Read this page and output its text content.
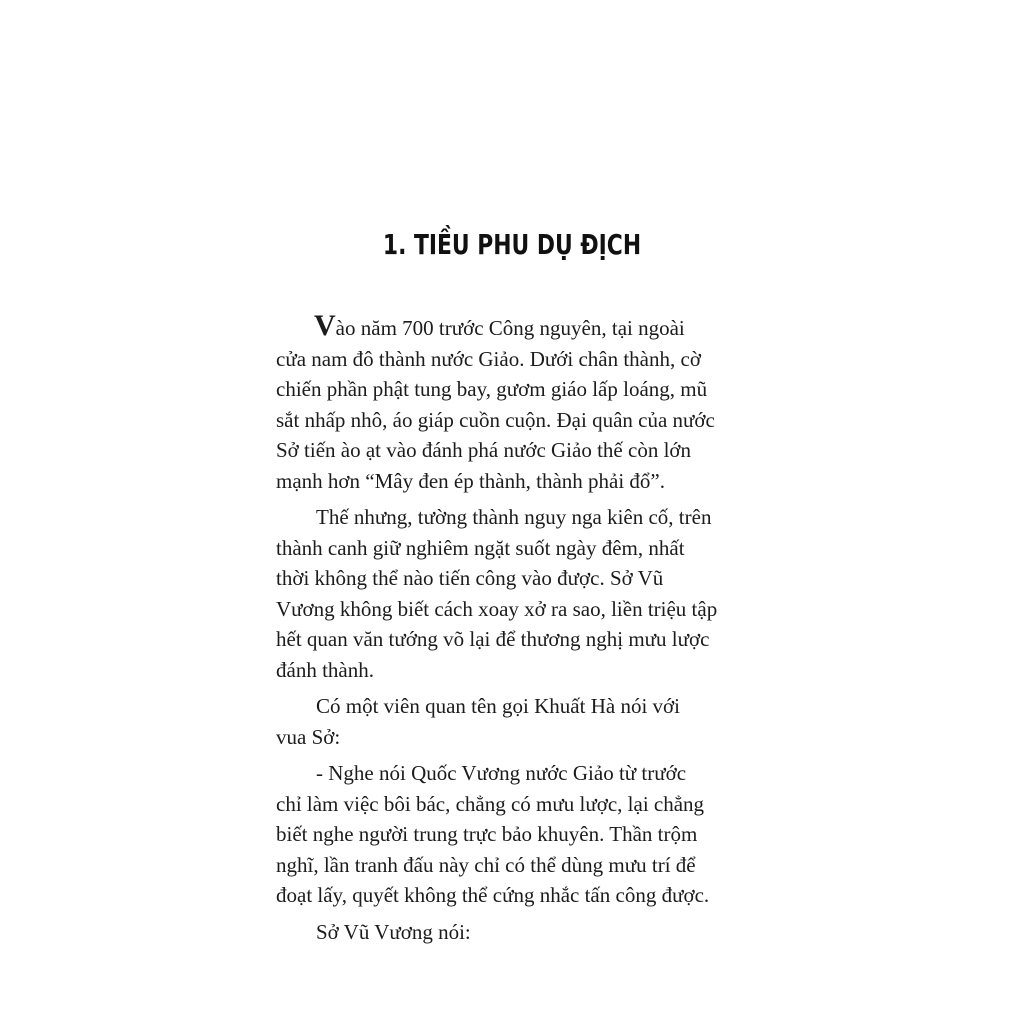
1. TIỀU PHU DỤ ĐỊCH
Vào năm 700 trước Công nguyên, tại ngoài
cửa nam đô thành nước Giảo. Dưới chân thành, cờ
chiến phần phật tung bay, gươm giáo lấp loáng, mũ
sắt nhấp nhô, áo giáp cuồn cuộn. Đại quân của nước
Sở tiến ào ạt vào đánh phá nước Giảo thế còn lớn
mạnh hơn “Mây đen ép thành, thành phải đổ”.
Thế nhưng, tường thành nguy nga kiên cố, trên
thành canh giữ nghiêm ngặt suốt ngày đêm, nhất
thời không thể nào tiến công vào được. Sở Vũ
Vương không biết cách xoay xở ra sao, liền triệu tập
hết quan văn tướng võ lại để thương nghị mưu lược
đánh thành.
Có một viên quan tên gọi Khuất Hà nói với
vua Sở:
- Nghe nói Quốc Vương nước Giảo từ trước
chỉ làm việc bôi bác, chẳng có mưu lược, lại chẳng
biết nghe người trung trực bảo khuyên. Thần trộm
nghĩ, lần tranh đấu này chỉ có thể dùng mưu trí để
đoạt lấy, quyết không thể cứng nhắc tấn công được.
Sở Vũ Vương nói:
